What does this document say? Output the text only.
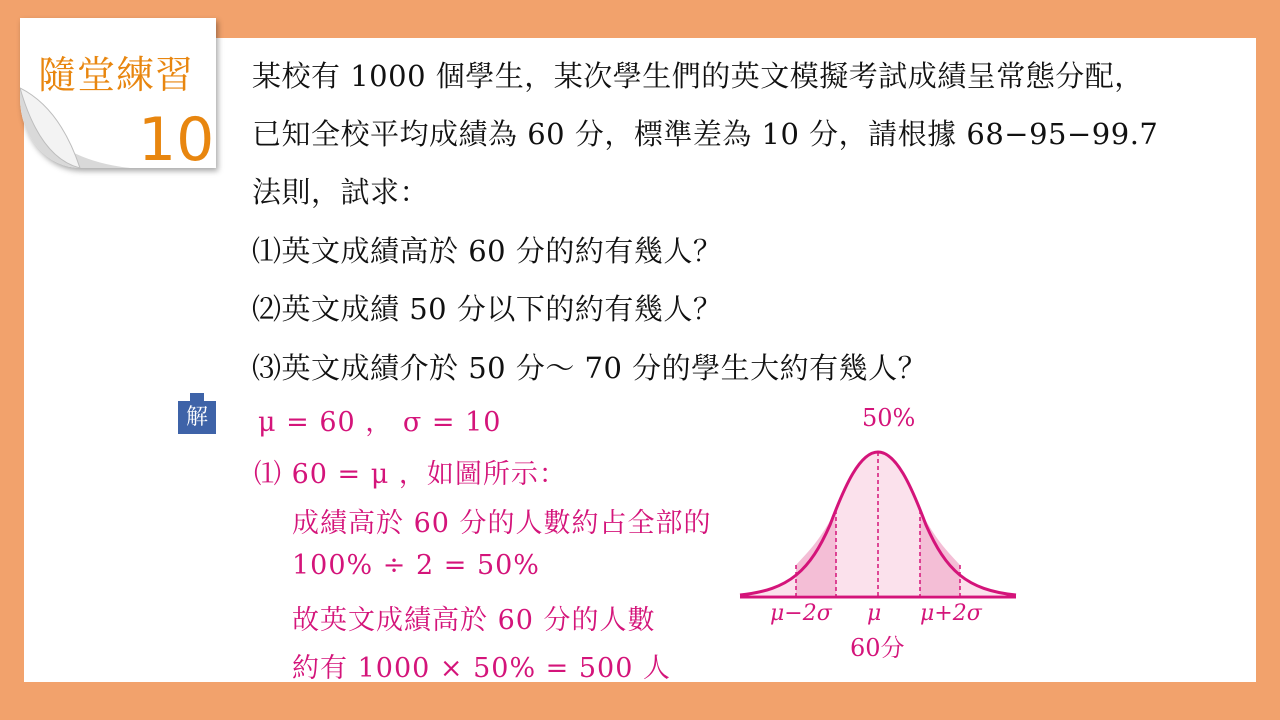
隨堂練習
10
某校有 1000 個學生，某次學生們的英文模擬考試成績呈常態分配，
已知全校平均成績為 60 分，標準差為 10 分，請根據 68−95−99.7
法則，試求：
⑴英文成績高於 60 分的約有幾人？
⑵英文成績 50 分以下的約有幾人？
⑶英文成績介於 50 分～ 70 分的學生大約有幾人？
解 μ = 60 ， σ = 10
⑴ 60 = μ ，如圖所示：
成績高於 60 分的人數約占全部的
100% ÷ 2 = 50%
故英文成績高於 60 分的人數
約有 1000 × 50% = 500 人
50%
μ−2σ μ μ+2σ
60分
